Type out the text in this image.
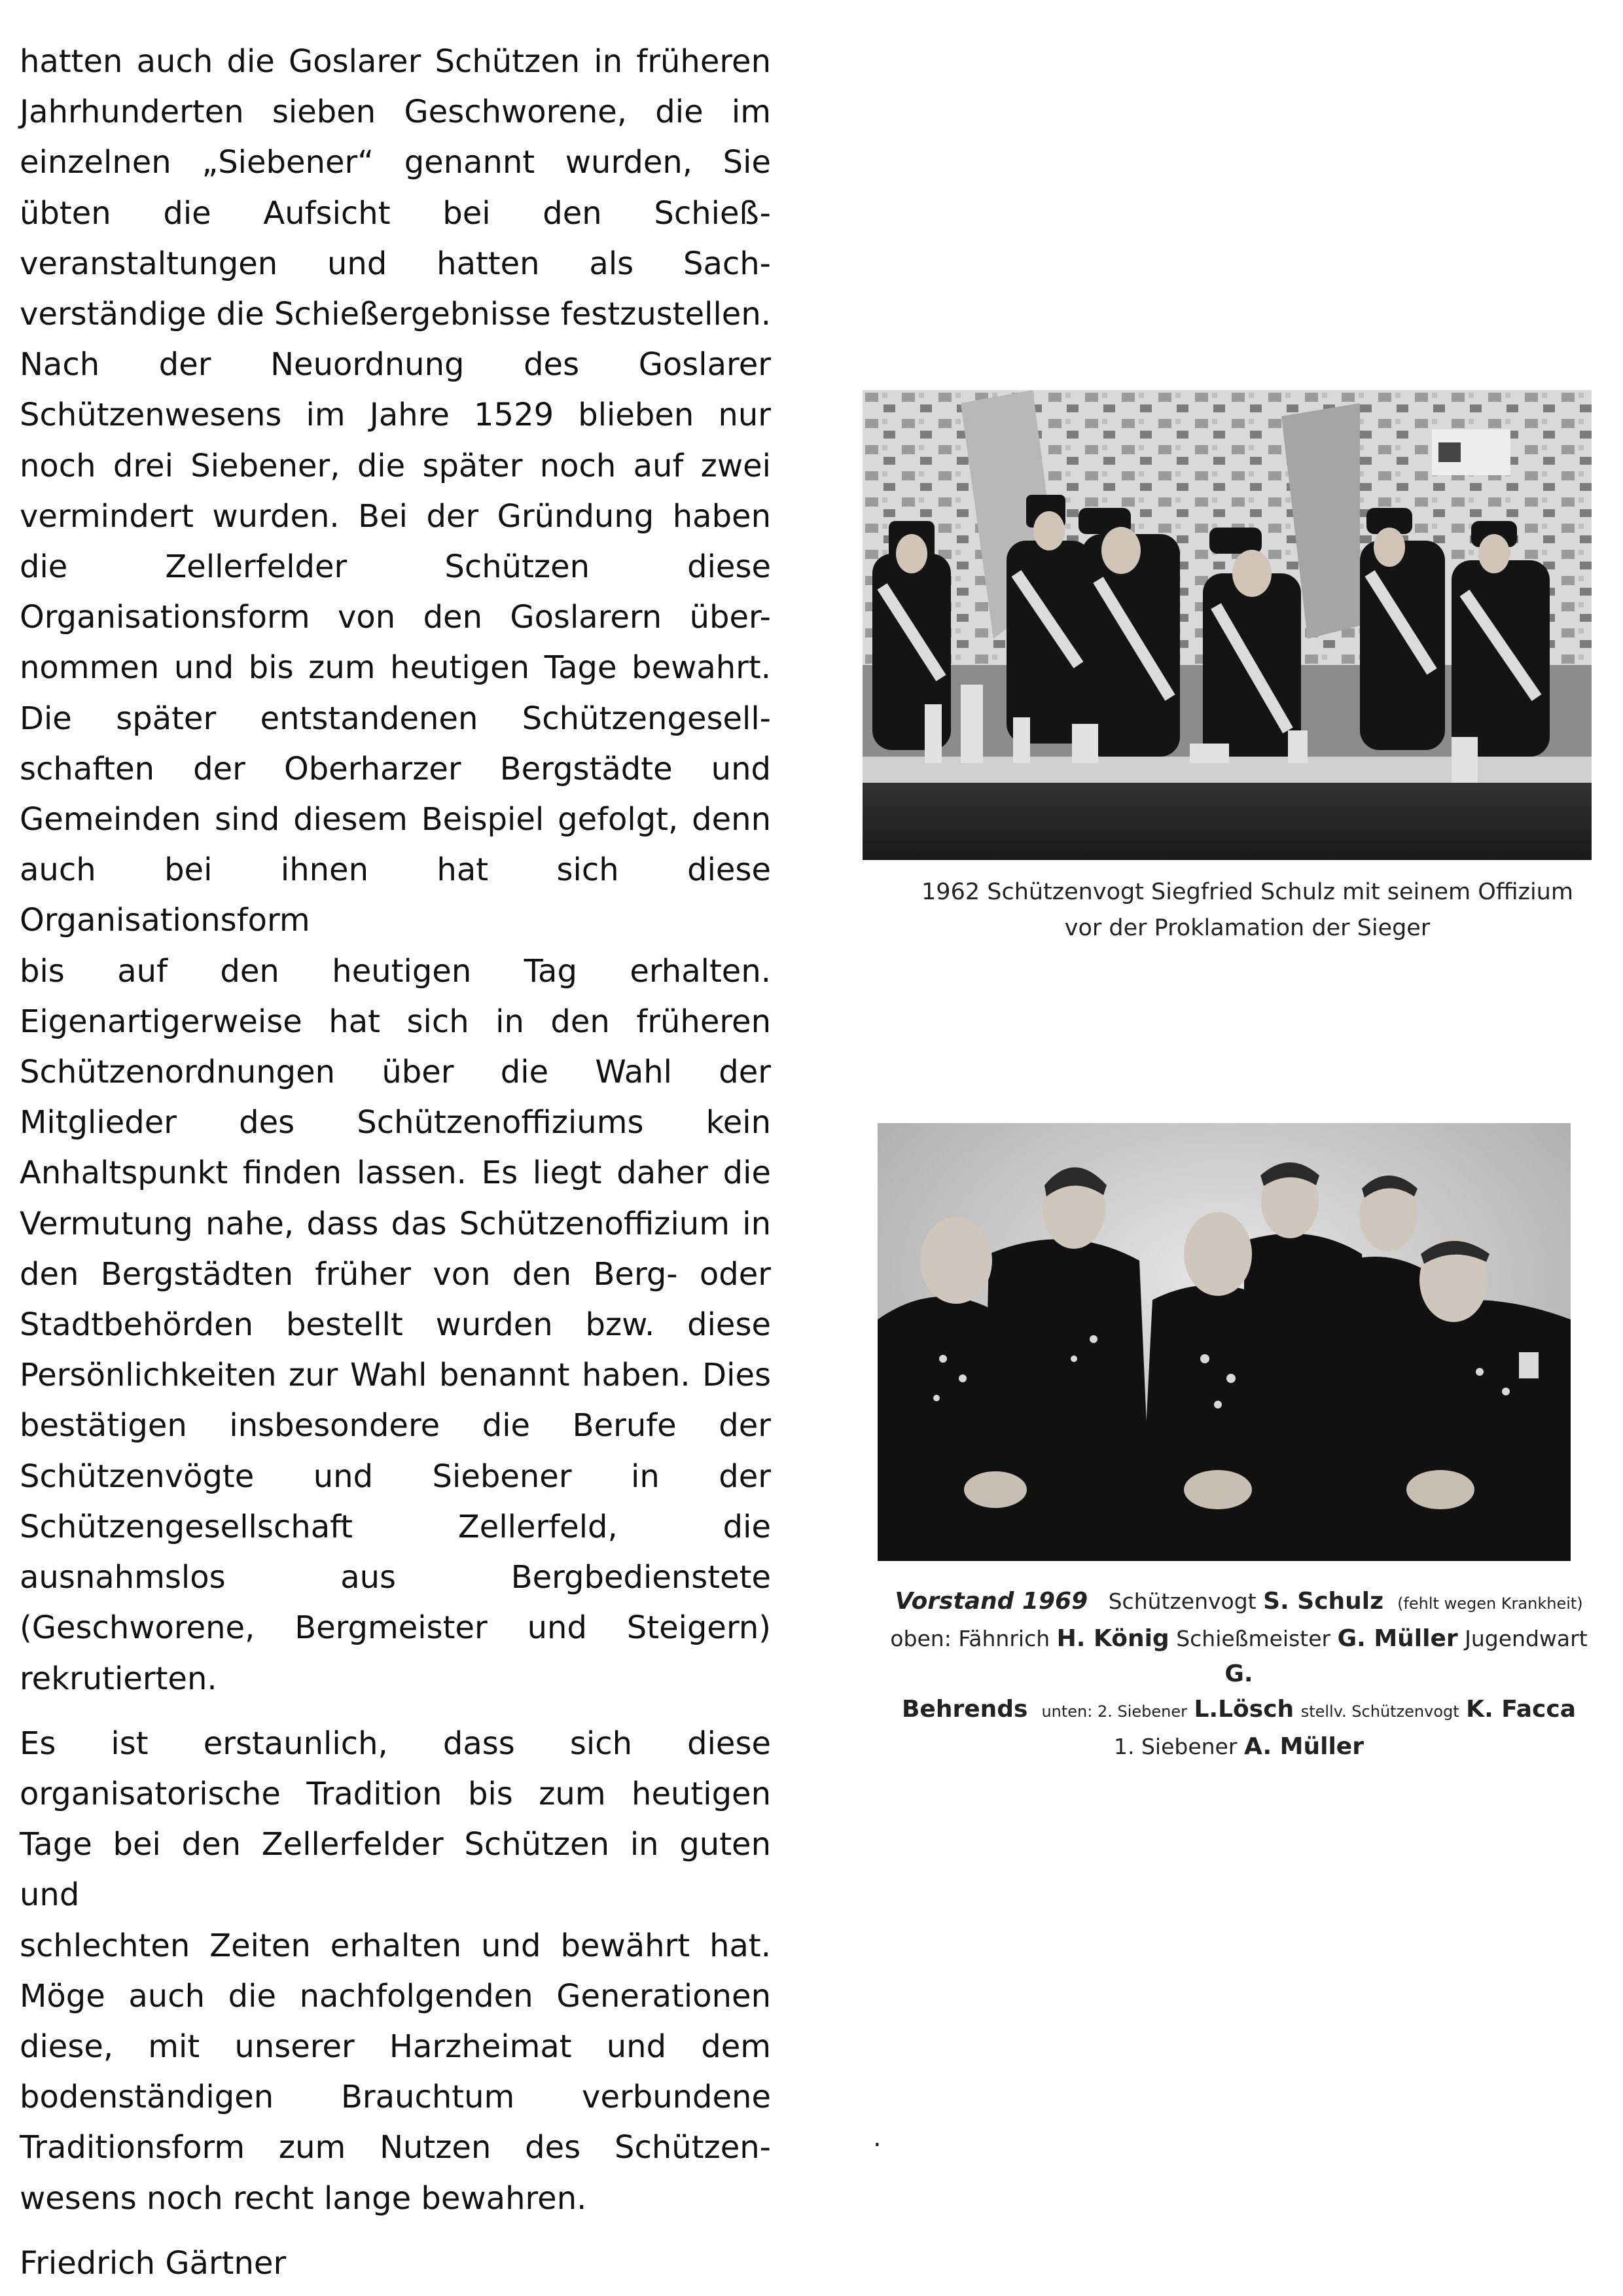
hatten auch die Goslarer Schützen in früheren
Jahrhunderten sieben Geschworene, die im
einzelnen „Siebener“ genannt wurden, Sie
übten die Aufsicht bei den Schieß-
veranstaltungen und hatten als Sach-
verständige die Schießergebnisse festzustellen.
Nach der Neuordnung des Goslarer
Schützenwesens im Jahre 1529 blieben nur
noch drei Siebener, die später noch auf zwei
vermindert wurden. Bei der Gründung haben
die Zellerfelder Schützen diese
Organisationsform von den Goslarern über-
nommen und bis zum heutigen Tage bewahrt.
Die später entstandenen Schützengesell-
schaften der Oberharzer Bergstädte und
Gemeinden sind diesem Beispiel gefolgt, denn
auch bei ihnen hat sich diese Organisationsform
bis auf den heutigen Tag erhalten.
Eigenartigerweise hat sich in den früheren
Schützenordnungen über die Wahl der
Mitglieder des Schützenoffiziums kein
Anhaltspunkt finden lassen. Es liegt daher die
Vermutung nahe, dass das Schützenoffizium in
den Bergstädten früher von den Berg- oder
Stadtbehörden bestellt wurden bzw. diese
Persönlichkeiten zur Wahl benannt haben. Dies
bestätigen insbesondere die Berufe der
Schützenvögte und Siebener in der
Schützengesellschaft Zellerfeld, die
ausnahmslos aus Bergbedienstete
(Geschworene, Bergmeister und Steigern)
rekrutierten.

Es ist erstaunlich, dass sich diese
organisatorische Tradition bis zum heutigen
Tage bei den Zellerfelder Schützen in guten und
schlechten Zeiten erhalten und bewährt hat.
Möge auch die nachfolgenden Generationen
diese, mit unserer Harzheimat und dem
bodenständigen Brauchtum verbundene
Traditionsform zum Nutzen des Schützen-
wesens noch recht lange bewahren.

Friedrich Gärtner
1962 Schützenvogt Siegfried Schulz mit seinem Offizium
vor der Proklamation der Sieger
Vorstand 1969 Schützenvogt S. Schulz (fehlt wegen Krankheit)
oben: Fähnrich H. König Schießmeister G. Müller Jugendwart G.
Behrends unten: 2. Siebener L.Lösch stellv. Schützenvogt K. Facca
1. Siebener A. Müller
.
